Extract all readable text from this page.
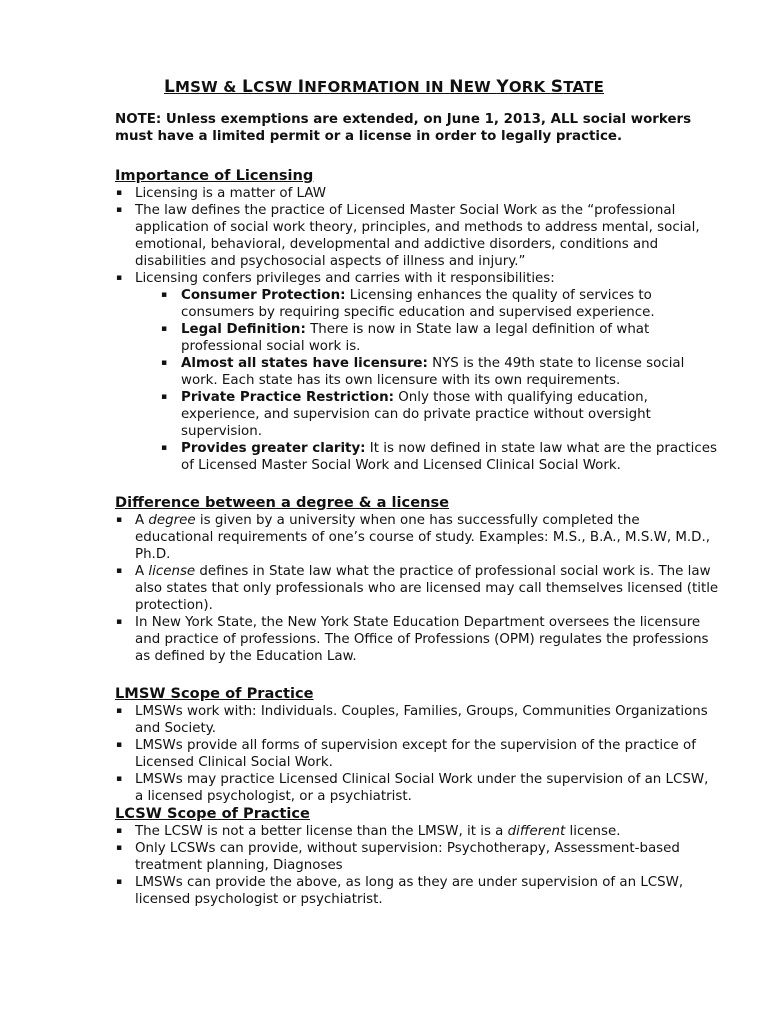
LMSW & LCSW INFORMATION IN NEW YORK STATE

NOTE: Unless exemptions are extended, on June 1, 2013, ALL social workers must have a limited permit or a license in order to legally practice.

Importance of Licensing
▪ Licensing is a matter of LAW
▪ The law defines the practice of Licensed Master Social Work as the “professional application of social work theory, principles, and methods to address mental, social, emotional, behavioral, developmental and addictive disorders, conditions and disabilities and psychosocial aspects of illness and injury.”
▪ Licensing confers privileges and carries with it responsibilities:
▪ Consumer Protection: Licensing enhances the quality of services to consumers by requiring specific education and supervised experience.
▪ Legal Definition: There is now in State law a legal definition of what professional social work is.
▪ Almost all states have licensure: NYS is the 49th state to license social work. Each state has its own licensure with its own requirements.
▪ Private Practice Restriction: Only those with qualifying education, experience, and supervision can do private practice without oversight supervision.
▪ Provides greater clarity: It is now defined in state law what are the practices of Licensed Master Social Work and Licensed Clinical Social Work.
Difference between a degree & a license
▪ A degree is given by a university when one has successfully completed the educational requirements of one’s course of study. Examples: M.S., B.A., M.S.W, M.D., Ph.D.
▪ A license defines in State law what the practice of professional social work is. The law also states that only professionals who are licensed may call themselves licensed (title protection).
▪ In New York State, the New York State Education Department oversees the licensure and practice of professions. The Office of Professions (OPM) regulates the professions as defined by the Education Law.
LMSW Scope of Practice
▪ LMSWs work with: Individuals. Couples, Families, Groups, Communities Organizations and Society.
▪ LMSWs provide all forms of supervision except for the supervision of the practice of Licensed Clinical Social Work.
▪ LMSWs may practice Licensed Clinical Social Work under the supervision of an LCSW, a licensed psychologist, or a psychiatrist.
LCSW Scope of Practice
▪ The LCSW is not a better license than the LMSW, it is a different license.
▪ Only LCSWs can provide, without supervision: Psychotherapy, Assessment-based treatment planning, Diagnoses
▪ LMSWs can provide the above, as long as they are under supervision of an LCSW, licensed psychologist or psychiatrist.
